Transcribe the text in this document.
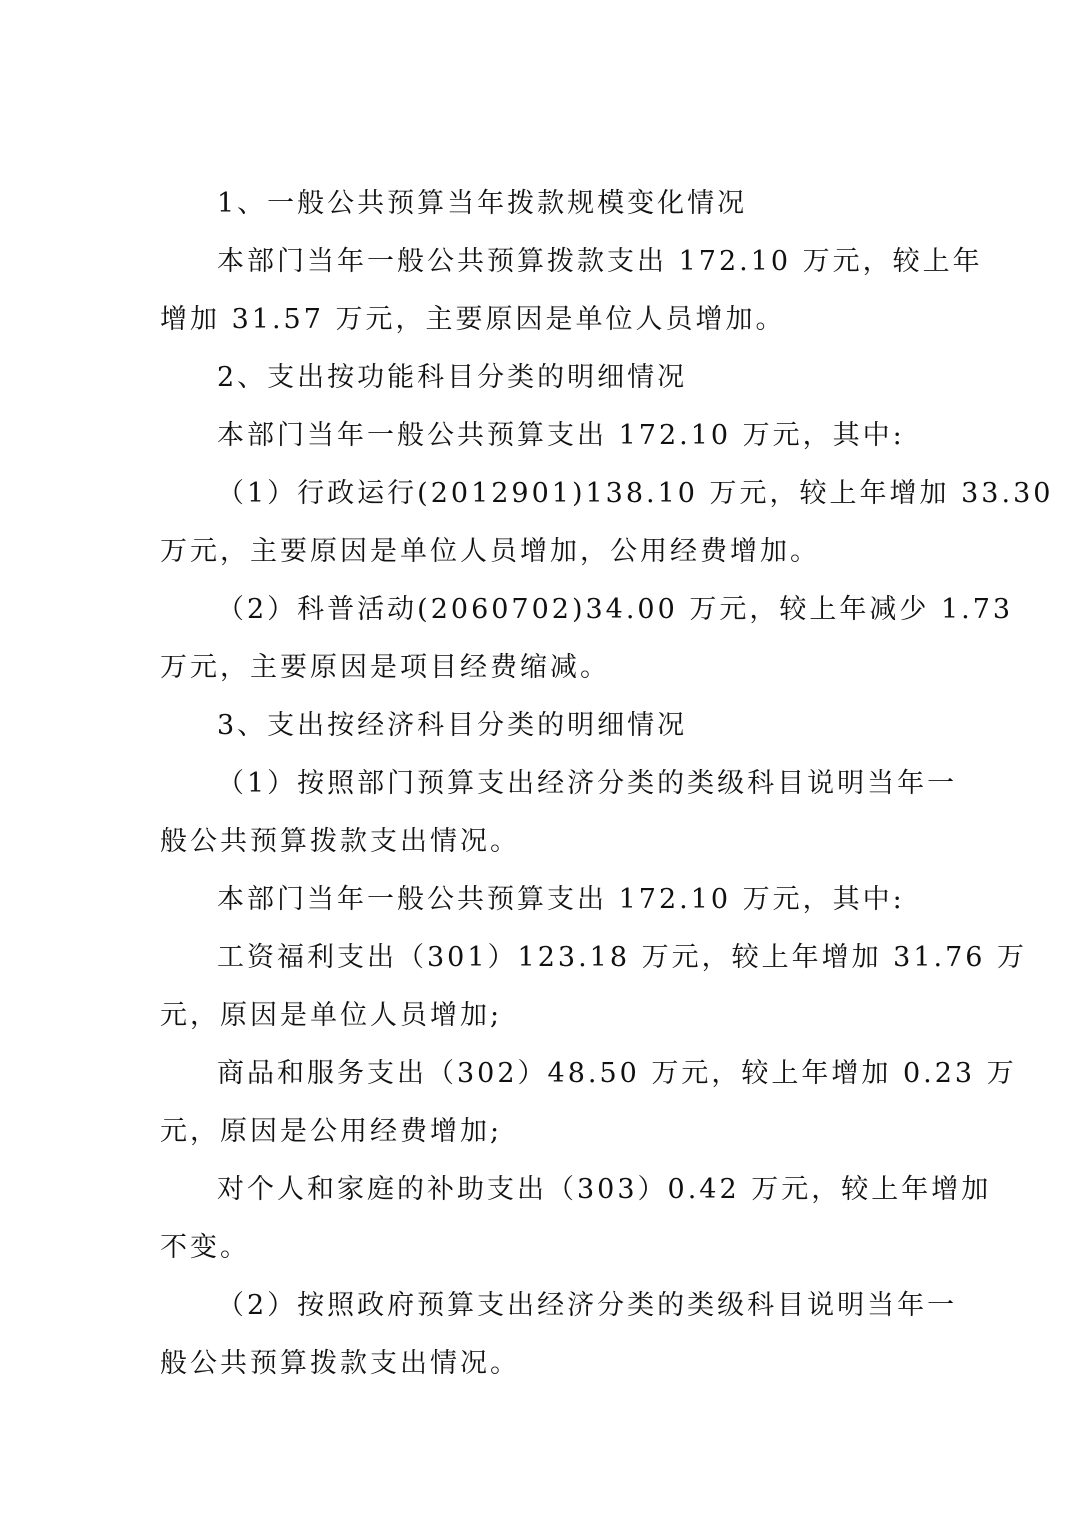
1、一般公共预算当年拨款规模变化情况
本部门当年一般公共预算拨款支出 172.10 万元，较上年
增加 31.57 万元，主要原因是单位人员增加。
2、支出按功能科目分类的明细情况
本部门当年一般公共预算支出 172.10 万元，其中:
（1）行政运行(2012901)138.10 万元，较上年增加 33.30
万元，主要原因是单位人员增加，公用经费增加。
（2）科普活动(2060702)34.00 万元，较上年减少 1.73
万元，主要原因是项目经费缩减。
3、支出按经济科目分类的明细情况
（1）按照部门预算支出经济分类的类级科目说明当年一
般公共预算拨款支出情况。
本部门当年一般公共预算支出 172.10 万元，其中:
工资福利支出（301）123.18 万元，较上年增加 31.76 万
元，原因是单位人员增加;
商品和服务支出（302）48.50 万元，较上年增加 0.23 万
元，原因是公用经费增加;
对个人和家庭的补助支出（303）0.42 万元，较上年增加
不变。
（2）按照政府预算支出经济分类的类级科目说明当年一
般公共预算拨款支出情况。
